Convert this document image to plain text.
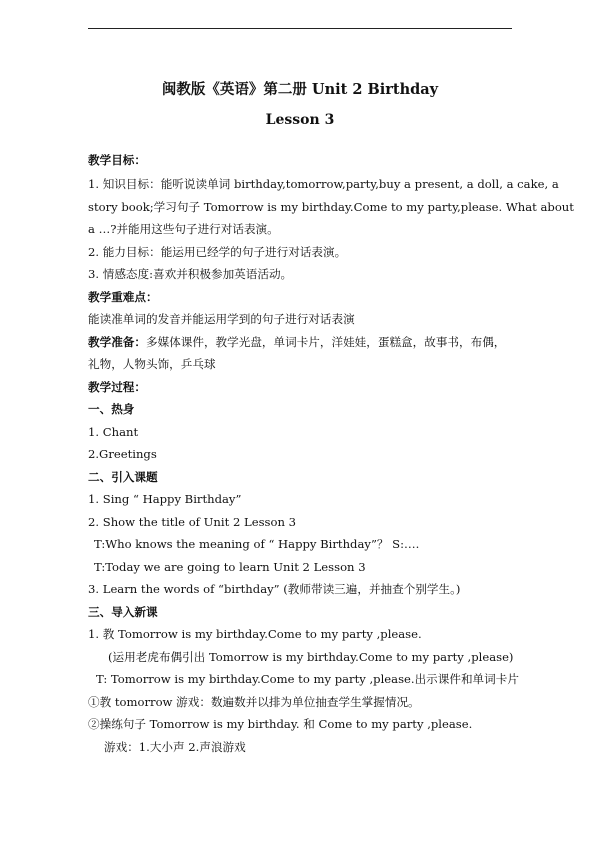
闽教版《英语》第二册 Unit 2 Birthday
Lesson 3
教学目标：
1. 知识目标：能听说读单词 birthday,tomorrow,party,buy a present, a doll, a cake, a
story book;学习句子 Tomorrow is my birthday.Come to my party,please. What about
a …?并能用这些句子进行对话表演。
2. 能力目标：能运用已经学的句子进行对话表演。
3. 情感态度:喜欢并积极参加英语活动。
教学重难点：
能读准单词的发音并能运用学到的句子进行对话表演
教学准备：多媒体课件，教学光盘，单词卡片，洋娃娃，蛋糕盒，故事书，布偶，
礼物，人物头饰，乒乓球
教学过程：
一、热身
1. Chant
2.Greetings
二、引入课题
1. Sing “ Happy Birthday”
2. Show the title of Unit 2 Lesson 3
T:Who knows the meaning of “ Happy Birthday”？ S:….
T:Today we are going to learn Unit 2 Lesson 3
3. Learn the words of “birthday” (教师带读三遍，并抽查个别学生。)
三、导入新课
1. 教 Tomorrow is my birthday.Come to my party ,please.
(运用老虎布偶引出 Tomorrow is my birthday.Come to my party ,please)
T: Tomorrow is my birthday.Come to my party ,please.出示课件和单词卡片
①教 tomorrow 游戏：数遍数并以排为单位抽查学生掌握情况。
②操练句子 Tomorrow is my birthday. 和 Come to my party ,please.
游戏：1.大小声 2.声浪游戏
